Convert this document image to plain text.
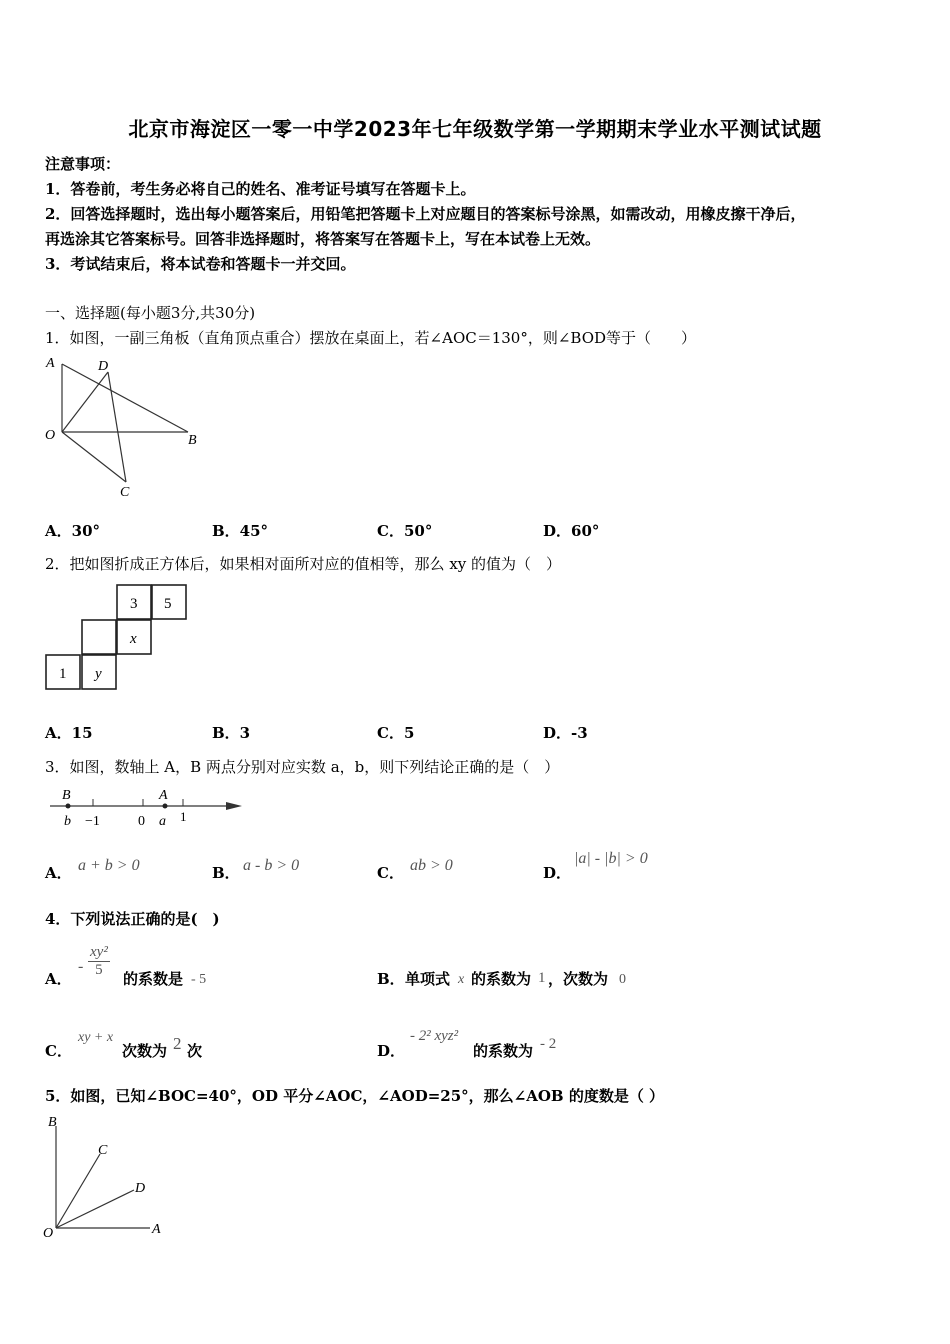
北京市海淀区一零一中学2023年七年级数学第一学期期末学业水平测试试题
注意事项：
1．答卷前，考生务必将自己的姓名、准考证号填写在答题卡上。
2．回答选择题时，选出每小题答案后，用铅笔把答题卡上对应题目的答案标号涂黑，如需改动，用橡皮擦干净后，
再选涂其它答案标号。回答非选择题时，将答案写在答题卡上，写在本试卷上无效。
3．考试结束后，将本试卷和答题卡一并交回。
一、选择题(每小题3分,共30分)
1．如图，一副三角板（直角顶点重合）摆放在桌面上，若∠AOC＝130°，则∠BOD等于（　　）
A	D
O	B
C
A．30°	B．45°	C．50°	D．60°
2．把如图折成正方体后，如果相对面所对应的值相等，那么 xy 的值为（　）
3 5
x
1 y
A．15	B．3	C．5	D．-3
3．如图，数轴上 A，B 两点分别对应实数 a，b，则下列结论正确的是（　）
B	A
b −1	0 a 1
A． a + b > 0	B． a - b > 0	C． ab > 0	D．
|a| - |b| > 0
4．下列说法正确的是(　)
A．
- $\frac{\text{xy²}}{5}$ 的系数是 - 5	B． 单项式 x 的系数为 1 ，次数为 0
C．
xy + x
次数为 2 次	D．
- 2² xyz²
的系数为 - 2
5．如图，已知∠BOC=40°，OD 平分∠AOC，∠AOD=25°，那么∠AOB 的度数是（ ）
B
C
D
O	A
